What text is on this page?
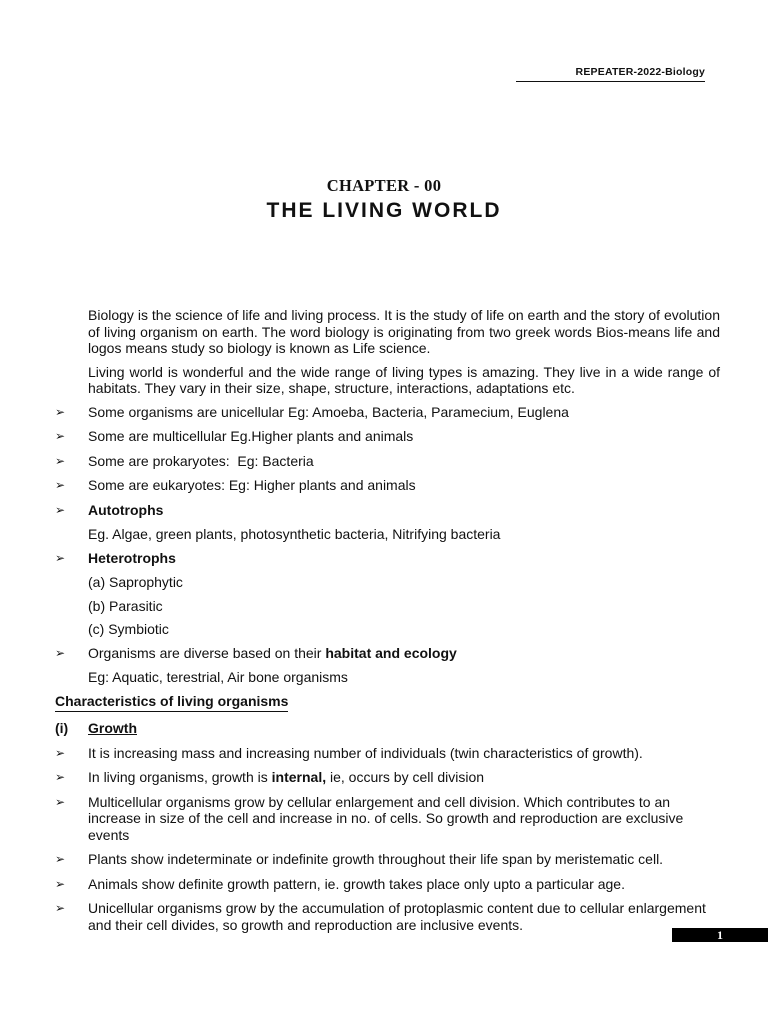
REPEATER-2022-Biology
CHAPTER - 00
THE LIVING WORLD

Biology is the science of life and living process. It is the study of life on earth and the story of evolution of living organism on earth. The word biology is originating from two greek words Bios-means life and logos means study so biology is known as Life science.

Living world is wonderful and the wide range of living types is amazing. They live in a wide range of habitats. They vary in their size, shape, structure, interactions, adaptations etc.

➢	Some organisms are unicellular Eg: Amoeba, Bacteria, Paramecium, Euglena
➢	Some are multicellular Eg.Higher plants and animals
➢	Some are prokaryotes:  Eg: Bacteria
➢	Some are eukaryotes: Eg: Higher plants and animals
➢	Autotrophs
Eg. Algae, green plants, photosynthetic bacteria, Nitrifying bacteria
➢	Heterotrophs
(a) Saprophytic
(b) Parasitic
(c) Symbiotic
➢	Organisms are diverse based on their habitat and ecology
Eg: Aquatic, terestrial, Air bone organisms
Characteristics of living organisms
(i) Growth
➢	It is increasing mass and increasing number of individuals (twin characteristics of growth).
➢	In living organisms, growth is internal, ie, occurs by cell division
➢	Multicellular organisms grow by cellular enlargement and cell division. Which contributes to an increase in size of the cell and increase in no. of cells. So growth and reproduction are exclusive events
➢	Plants show indeterminate or indefinite growth throughout their life span by meristematic cell.
➢	Animals show definite growth pattern, ie. growth takes place only upto a particular age.
➢	Unicellular organisms grow by the accumulation of protoplasmic content due to cellular enlargement and their cell divides, so growth and reproduction are inclusive events.
1
